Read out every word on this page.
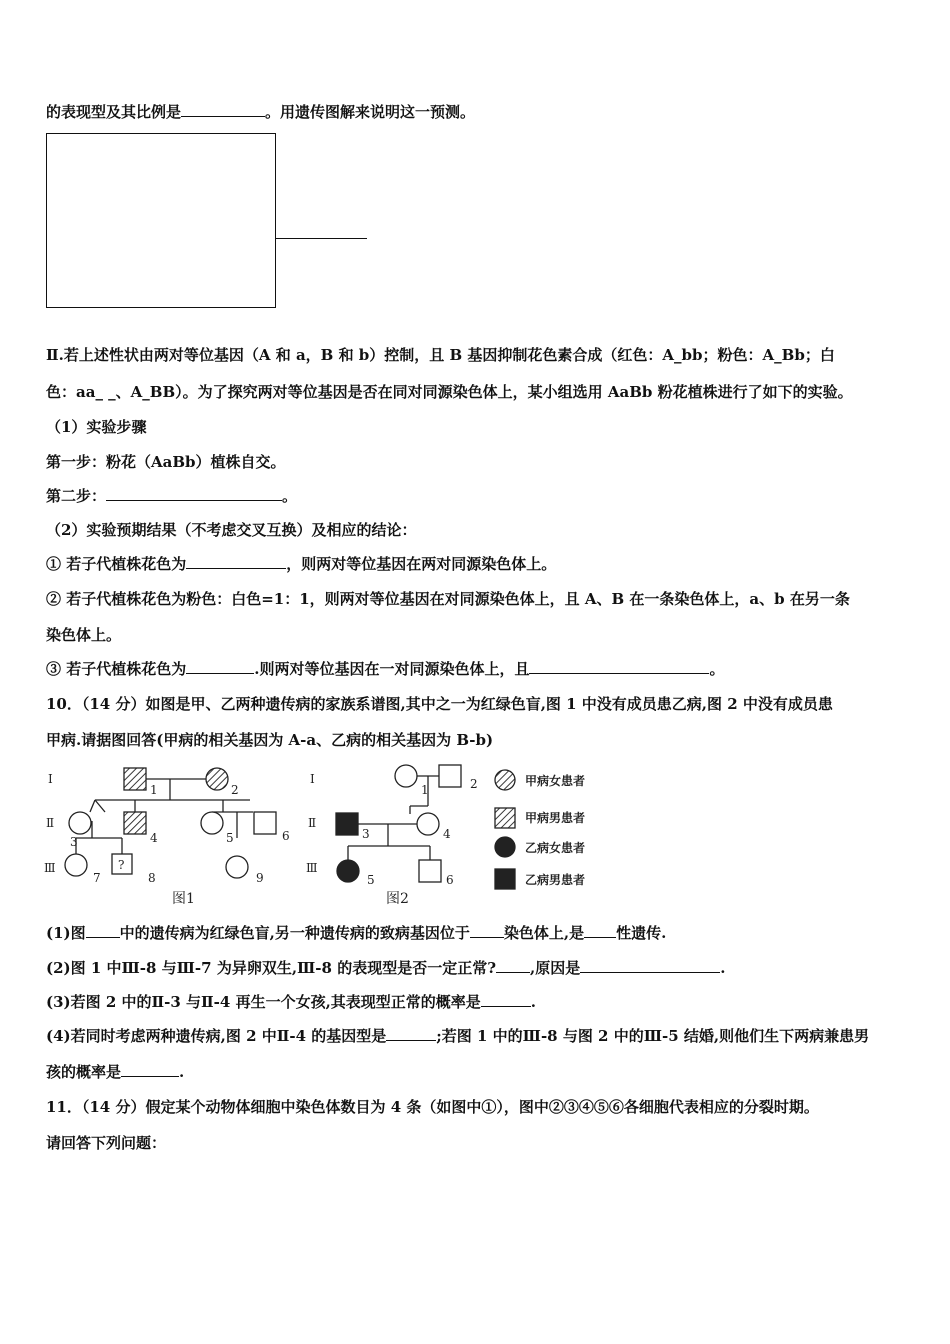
的表现型及其比例是	。用遗传图解来说明这一预测。
Ⅱ.若上述性状由两对等位基因（A 和 a，B 和 b）控制，且 B 基因抑制花色素合成（红色：A_bb；粉色：A_Bb；白
色：aa_ _、A_BB）。为了探究两对等位基因是否在同对同源染色体上，某小组选用 AaBb 粉花植株进行了如下的实验。
（1）实验步骤
第一步：粉花（AaBb）植株自交。
第二步：	。
（2）实验预期结果（不考虑交叉互换）及相应的结论：
① 若子代植株花色为	，则两对等位基因在两对同源染色体上。
② 若子代植株花色为粉色：白色=1：1，则两对等位基因在对同源染色体上，且 A、B 在一条染色体上，a、b 在另一条
染色体上。
③ 若子代植株花色为	.则两对等位基因在一对同源染色体上，且	。
10．（14 分）如图是甲、乙两种遗传病的家族系谱图,其中之一为红绿色盲,图 1 中没有成员患乙病,图 2 中没有成员患
甲病.请据图回答(甲病的相关基因为 A-a、乙病的相关基因为 B-b)
Ⅰ
Ⅱ
Ⅲ
Ⅰ
Ⅱ
Ⅲ
1	2
3	4	5	6
7	8	9
?
图1
1	2
3	4
5	6
图2
甲病女患者
甲病男患者
乙病女患者
乙病男患者
(1)图 中的遗传病为红绿色盲,另一种遗传病的致病基因位于 染色体上,是 性遗传.
(2)图 1 中Ⅲ-8 与Ⅲ-7 为异卵双生,Ⅲ-8 的表现型是否一定正常? ,原因是	.
(3)若图 2 中的Ⅱ-3 与Ⅱ-4 再生一个女孩,其表现型正常的概率是	.
(4)若同时考虑两种遗传病,图 2 中Ⅱ-4 的基因型是	;若图 1 中的Ⅲ-8 与图 2 中的Ⅲ-5 结婚,则他们生下两病兼患男
孩的概率是	.
11．（14 分）假定某个动物体细胞中染色体数目为 4 条（如图中①），图中②③④⑤⑥各细胞代表相应的分裂时期。
请回答下列问题：
